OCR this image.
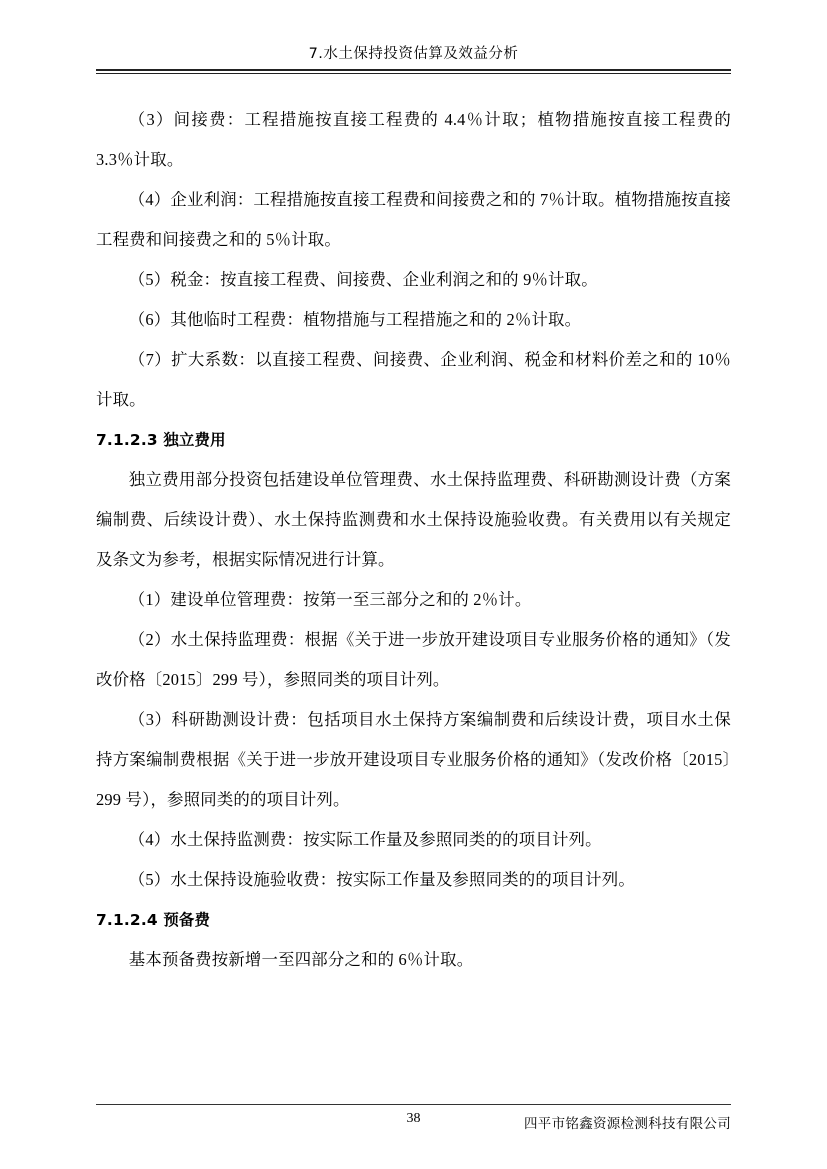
7.水土保持投资估算及效益分析

（3）间接费：工程措施按直接工程费的 4.4％计取；植物措施按直接工程费的 3.3％计取。

（4）企业利润：工程措施按直接工程费和间接费之和的 7％计取。植物措施按直接工程费和间接费之和的 5％计取。

（5）税金：按直接工程费、间接费、企业利润之和的 9％计取。

（6）其他临时工程费：植物措施与工程措施之和的 2％计取。

（7）扩大系数：以直接工程费、间接费、企业利润、税金和材料价差之和的 10％计取。

7.1.2.3 独立费用

独立费用部分投资包括建设单位管理费、水土保持监理费、科研勘测设计费（方案编制费、后续设计费）、水土保持监测费和水土保持设施验收费。有关费用以有关规定及条文为参考，根据实际情况进行计算。

（1）建设单位管理费：按第一至三部分之和的 2％计。

（2）水土保持监理费：根据《关于进一步放开建设项目专业服务价格的通知》（发改价格〔2015〕299 号），参照同类的项目计列。

（3）科研勘测设计费：包括项目水土保持方案编制费和后续设计费，项目水土保持方案编制费根据《关于进一步放开建设项目专业服务价格的通知》（发改价格〔2015〕299 号），参照同类的的项目计列。

（4）水土保持监测费：按实际工作量及参照同类的的项目计列。

（5）水土保持设施验收费：按实际工作量及参照同类的的项目计列。

7.1.2.4 预备费

基本预备费按新增一至四部分之和的 6％计取。

38	四平市铭鑫资源检测科技有限公司
